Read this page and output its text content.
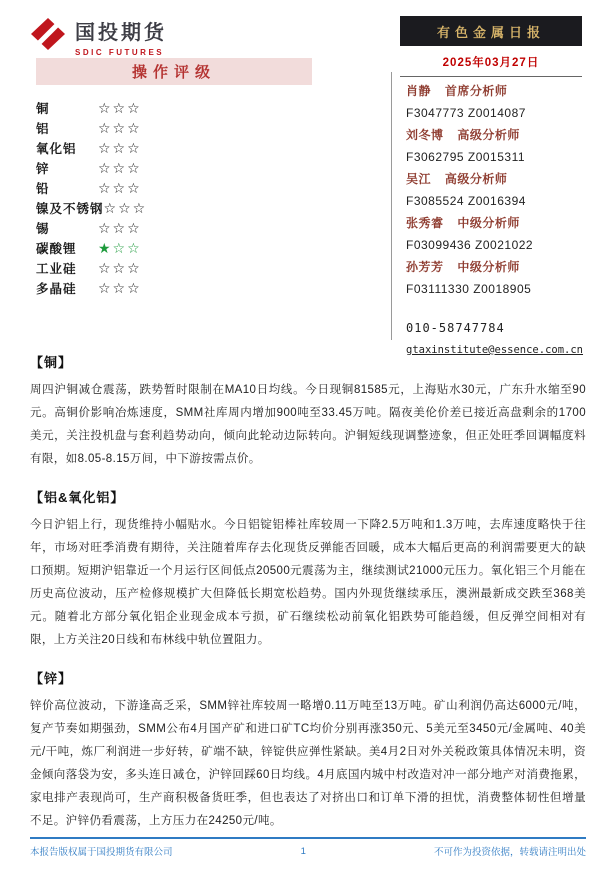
国投期货
SDIC FUTURES
有色金属日报
2025年03月27日
操作评级
铜	☆☆☆
铝	☆☆☆
氧化铝	☆☆☆
锌	☆☆☆
铅	☆☆☆
镍及不锈钢 ☆☆☆
锡	☆☆☆
碳酸锂	★☆☆
工业硅	☆☆☆
多晶硅	☆☆☆
肖静 首席分析师
F3047773 Z0014087
刘冬博 高级分析师
F3062795 Z0015311
吴江 高级分析师
F3085524 Z0016394
张秀睿 中级分析师
F03099436 Z0021022
孙芳芳 中级分析师
F03111330 Z0018905
010-58747784
gtaxinstitute@essence.com.cn
【铜】

周四沪铜减仓震荡，跌势暂时限制在MA10日均线。今日现铜81585元，上海贴水30元，广东升水缩至90元。高铜价影响冶炼速度，SMM社库周内增加900吨至33.45万吨。隔夜美伦价差已接近高盘剩余的1700美元，关注投机盘与套利趋势动向，倾向此轮动边际转向。沪铜短线现调整迹象，但正处旺季回调幅度料有限，如8.05-8.15万间，中下游按需点价。

【铝&氧化铝】

今日沪铝上行，现货维持小幅贴水。今日铝锭铝棒社库较周一下降2.5万吨和1.3万吨，去库速度略快于往年，市场对旺季消费有期待，关注随着库存去化现货反弹能否回暖，成本大幅后更高的利润需要更大的缺口预期。短期沪铝靠近一个月运行区间低点20500元震荡为主，继续测试21000元压力。氧化铝三个月能在历史高位波动，压产检修规模扩大但降低长期宽松趋势。国内外现货继续承压，澳洲最新成交跌至368美元。随着北方部分氧化铝企业现金成本亏损，矿石继续松动前氧化铝跌势可能趋缓，但反弹空间相对有限，上方关注20日线和布林线中轨位置阻力。

【锌】

锌价高位波动，下游逢高乏采，SMM锌社库较周一略增0.11万吨至13万吨。矿山利润仍高达6000元/吨，复产节奏如期强劲，SMM公布4月国产矿和进口矿TC均价分别再涨350元、5美元至3450元/金属吨、40美元/干吨，炼厂利润进一步好转，矿端不缺，锌锭供应弹性紧缺。美4月2日对外关税政策具体情况未明，资金倾向落袋为安，多头连日减仓，沪锌回踩60日均线。4月底国内城中村改造对冲一部分地产对消费拖累，家电排产表现尚可，生产商积极备货旺季，但也表达了对挤出口和订单下滑的担忧，消费整体韧性但增量不足。沪锌仍看震荡，上方压力在24250元/吨。

本报告版权属于国投期货有限公司	1	不可作为投资依据，转载请注明出处
